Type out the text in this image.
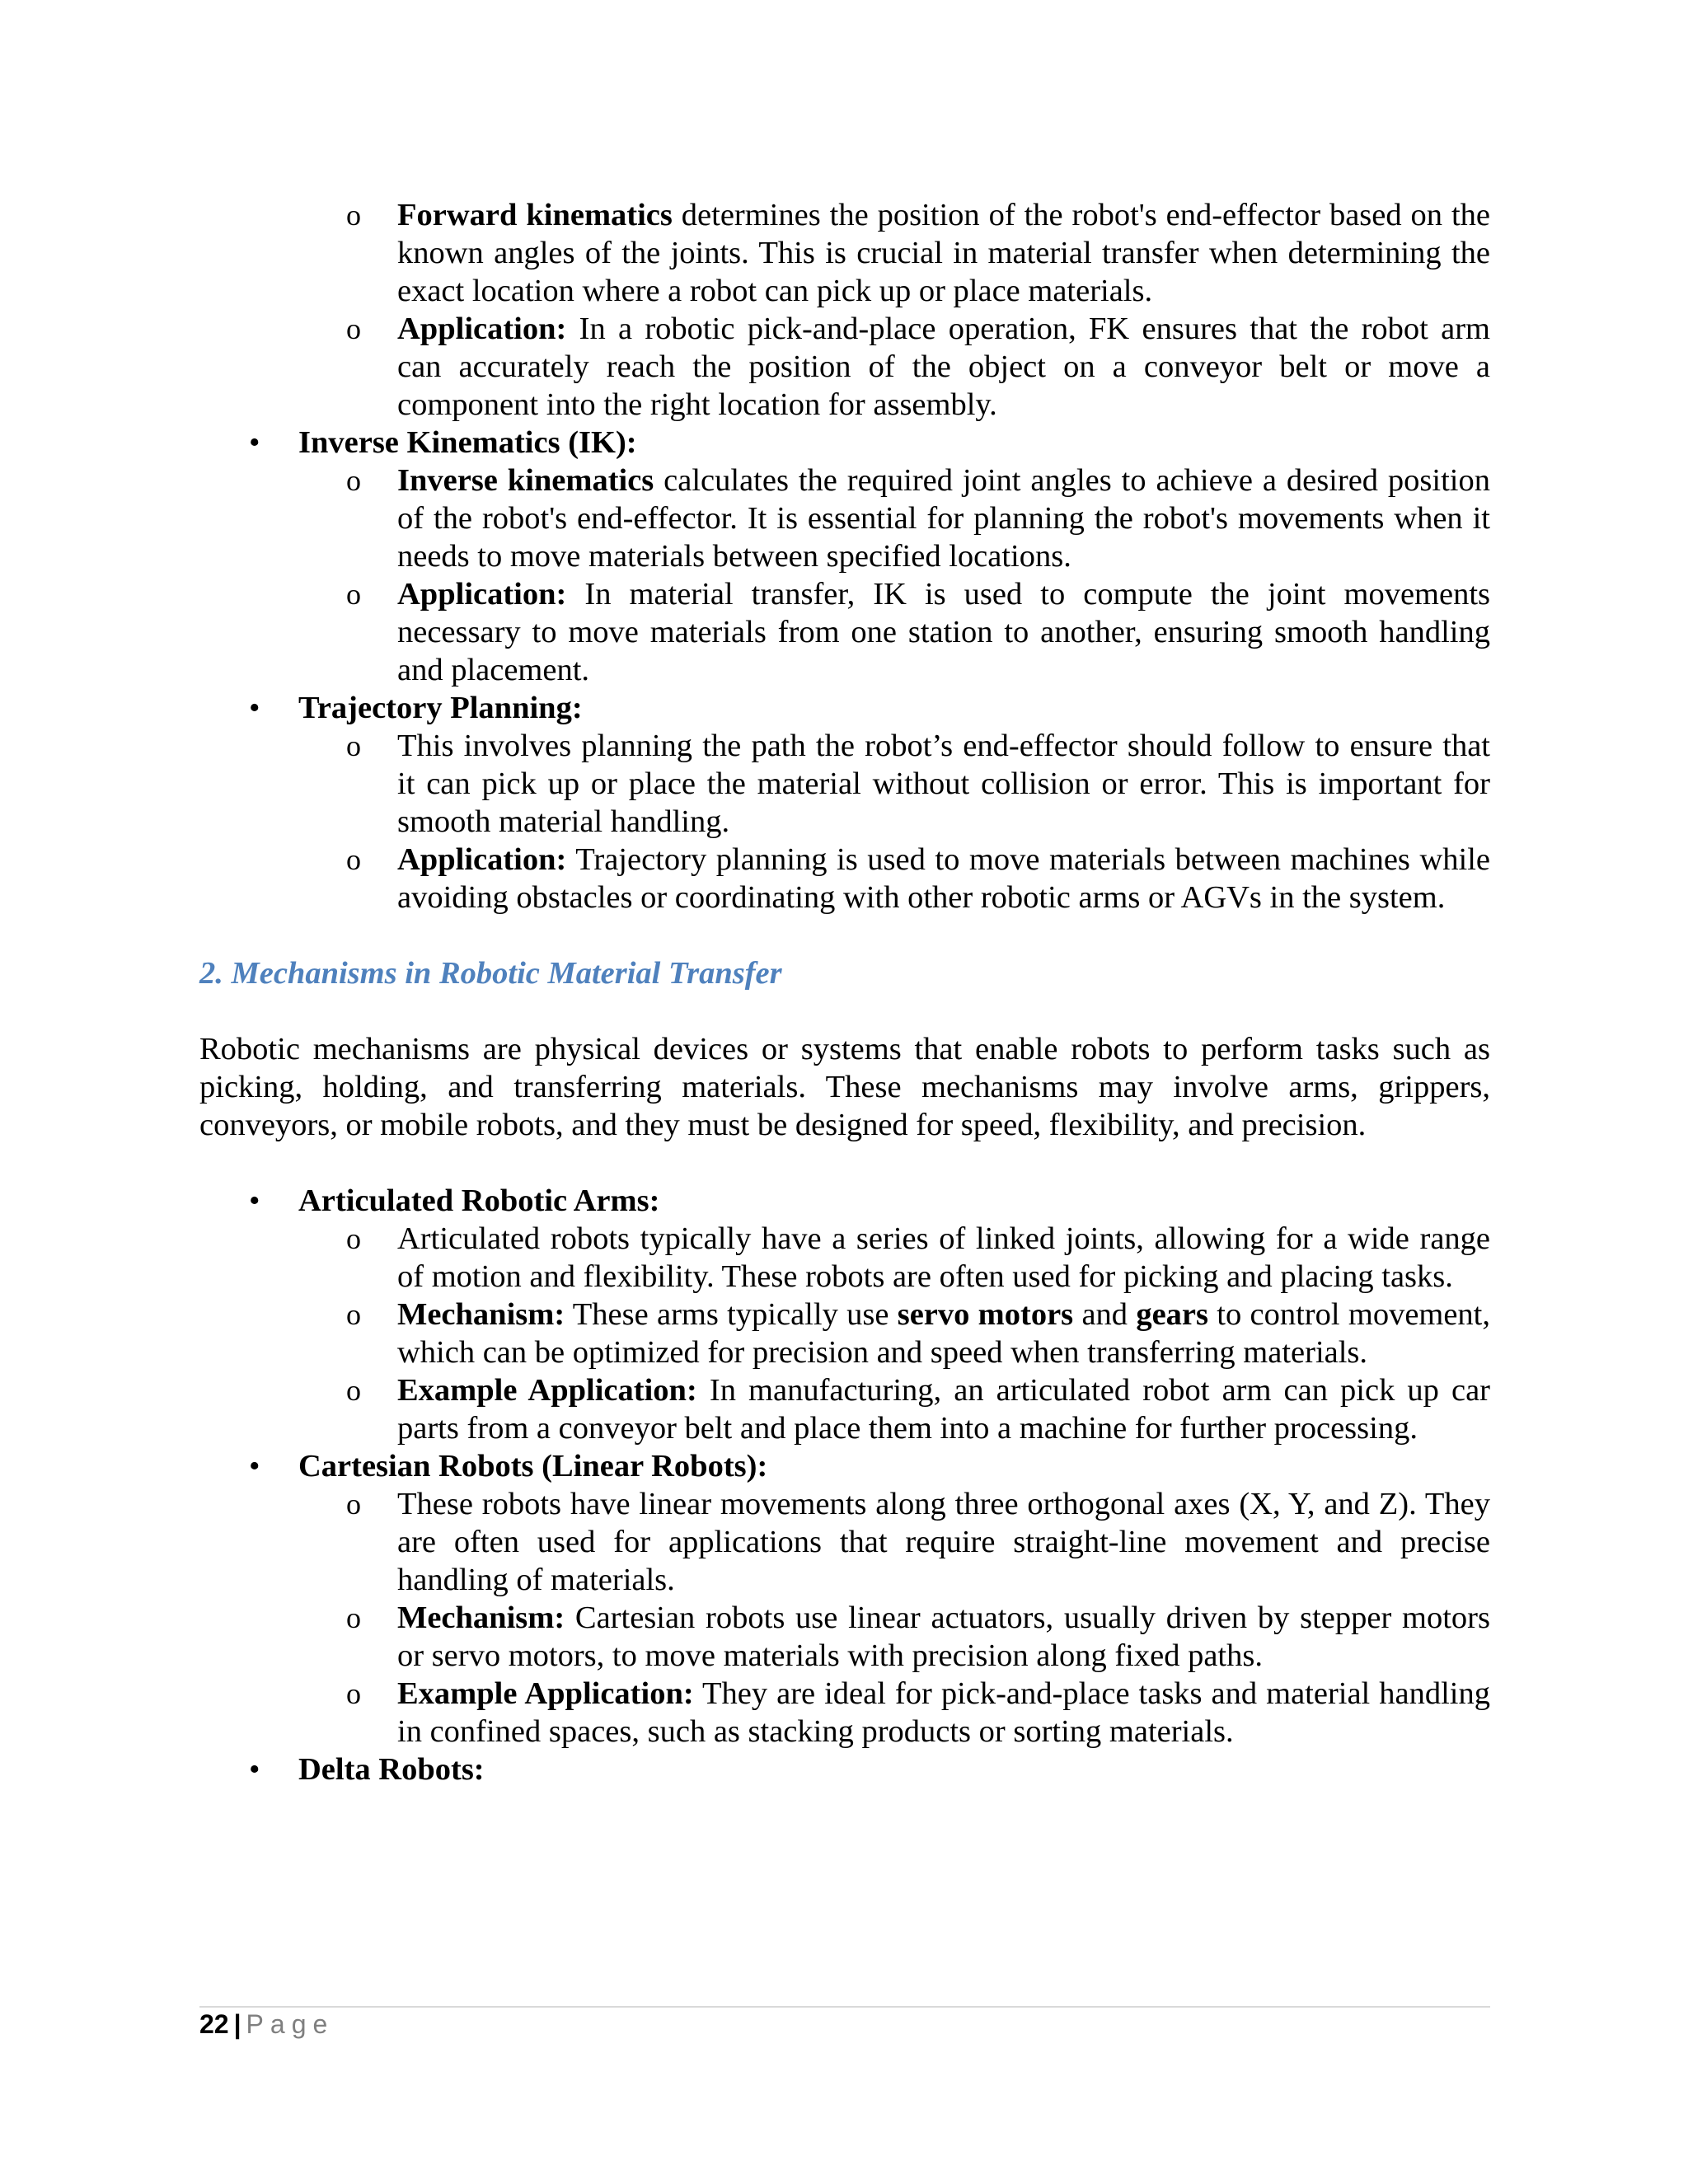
o Forward kinematics determines the position of the robot's end-effector based on the known angles of the joints. This is crucial in material transfer when determining the exact location where a robot can pick up or place materials.

o Application: In a robotic pick-and-place operation, FK ensures that the robot arm can accurately reach the position of the object on a conveyor belt or move a component into the right location for assembly.

• Inverse Kinematics (IK):

o Inverse kinematics calculates the required joint angles to achieve a desired position of the robot's end-effector. It is essential for planning the robot's movements when it needs to move materials between specified locations.

o Application: In material transfer, IK is used to compute the joint movements necessary to move materials from one station to another, ensuring smooth handling and placement.

• Trajectory Planning:

o This involves planning the path the robot’s end-effector should follow to ensure that it can pick up or place the material without collision or error. This is important for smooth material handling.

o Application: Trajectory planning is used to move materials between machines while avoiding obstacles or coordinating with other robotic arms or AGVs in the system.

2. Mechanisms in Robotic Material Transfer

Robotic mechanisms are physical devices or systems that enable robots to perform tasks such as picking, holding, and transferring materials. These mechanisms may involve arms, grippers, conveyors, or mobile robots, and they must be designed for speed, flexibility, and precision.

• Articulated Robotic Arms:

o Articulated robots typically have a series of linked joints, allowing for a wide range of motion and flexibility. These robots are often used for picking and placing tasks.

o Mechanism: These arms typically use servo motors and gears to control movement, which can be optimized for precision and speed when transferring materials.

o Example Application: In manufacturing, an articulated robot arm can pick up car parts from a conveyor belt and place them into a machine for further processing.

• Cartesian Robots (Linear Robots):

o These robots have linear movements along three orthogonal axes (X, Y, and Z). They are often used for applications that require straight-line movement and precise handling of materials.

o Mechanism: Cartesian robots use linear actuators, usually driven by stepper motors or servo motors, to move materials with precision along fixed paths.

o Example Application: They are ideal for pick-and-place tasks and material handling in confined spaces, such as stacking products or sorting materials.

• Delta Robots:

22 | Page
